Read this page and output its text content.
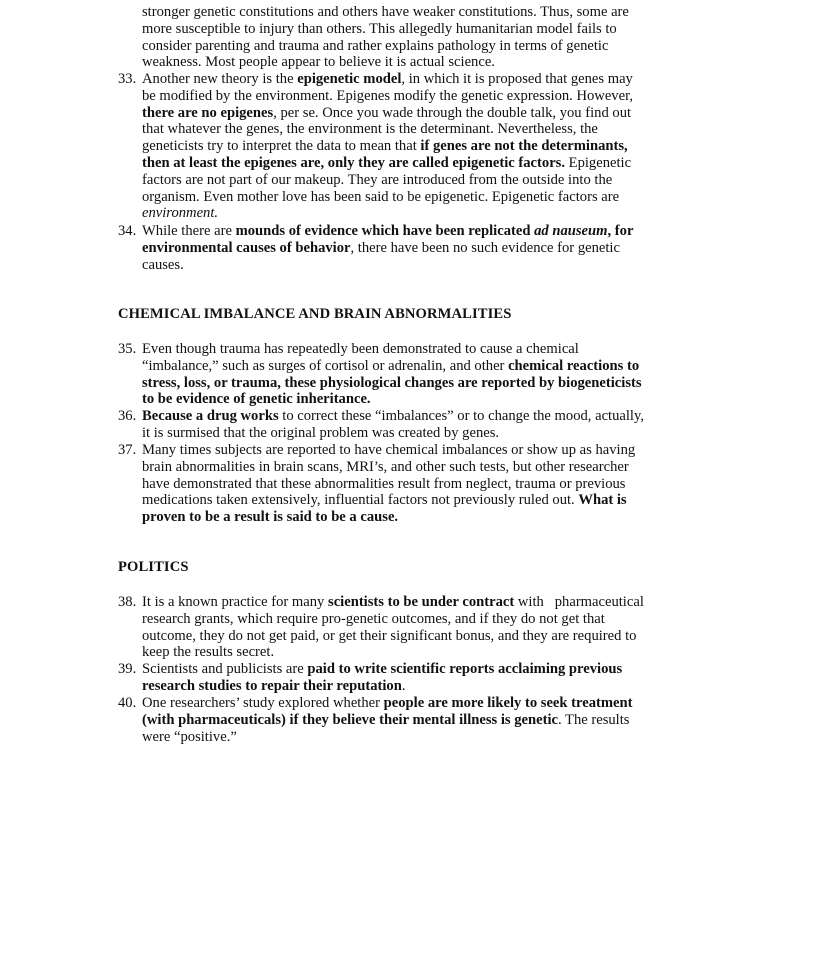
stronger genetic constitutions and others have weaker constitutions. Thus, some are
more susceptible to injury than others. This allegedly humanitarian model fails to
consider parenting and trauma and rather explains pathology in terms of genetic
weakness. Most people appear to believe it is actual science.
33. Another new theory is the epigenetic model, in which it is proposed that genes may
be modified by the environment. Epigenes modify the genetic expression. However,
there are no epigenes, per se. Once you wade through the double talk, you find out
that whatever the genes, the environment is the determinant. Nevertheless, the
geneticists try to interpret the data to mean that if genes are not the determinants,
then at least the epigenes are, only they are called epigenetic factors. Epigenetic
factors are not part of our makeup. They are introduced from the outside into the
organism. Even mother love has been said to be epigenetic. Epigenetic factors are
environment.
34. While there are mounds of evidence which have been replicated ad nauseum, for
environmental causes of behavior, there have been no such evidence for genetic
causes.
CHEMICAL IMBALANCE AND BRAIN ABNORMALITIES
35. Even though trauma has repeatedly been demonstrated to cause a chemical
“imbalance,” such as surges of cortisol or adrenalin, and other chemical reactions to
stress, loss, or trauma, these physiological changes are reported by biogeneticists
to be evidence of genetic inheritance.
36. Because a drug works to correct these “imbalances” or to change the mood, actually,
it is surmised that the original problem was created by genes.
37. Many times subjects are reported to have chemical imbalances or show up as having
brain abnormalities in brain scans, MRI’s, and other such tests, but other researcher
have demonstrated that these abnormalities result from neglect, trauma or previous
medications taken extensively, influential factors not previously ruled out. What is
proven to be a result is said to be a cause.
POLITICS
38. It is a known practice for many scientists to be under contract with   pharmaceutical
research grants, which require pro-genetic outcomes, and if they do not get that
outcome, they do not get paid, or get their significant bonus, and they are required to
keep the results secret.
39. Scientists and publicists are paid to write scientific reports acclaiming previous
research studies to repair their reputation.
40. One researchers’ study explored whether people are more likely to seek treatment
(with pharmaceuticals) if they believe their mental illness is genetic. The results
were “positive.”
